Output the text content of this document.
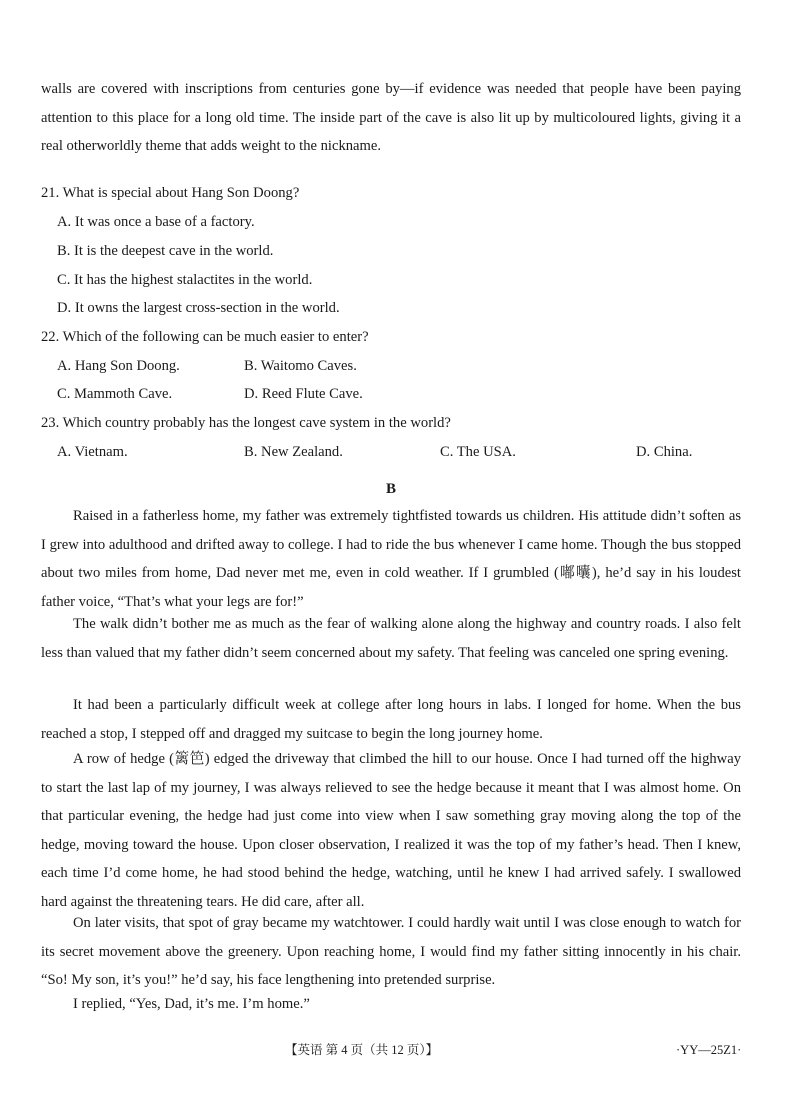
walls are covered with inscriptions from centuries gone by—if evidence was needed that people have been paying attention to this place for a long old time. The inside part of the cave is also lit up by multicoloured lights, giving it a real otherworldly theme that adds weight to the nickname.

21. What is special about Hang Son Doong?

A. It was once a base of a factory.
B. It is the deepest cave in the world.
C. It has the highest stalactites in the world.
D. It owns the largest cross-section in the world.

22. Which of the following can be much easier to enter?

A. Hang Son Doong.	B. Waitomo Caves.
C. Mammoth Cave.	D. Reed Flute Cave.

23. Which country probably has the longest cave system in the world?

A. Vietnam.	B. New Zealand.	C. The USA.	D. China.
B

Raised in a fatherless home, my father was extremely tightfisted towards us children. His attitude didn’t soften as I grew into adulthood and drifted away to college. I had to ride the bus whenever I came home. Though the bus stopped about two miles from home, Dad never met me, even in cold weather. If I grumbled (嘟囔), he’d say in his loudest father voice, “That’s what your legs are for!”

The walk didn’t bother me as much as the fear of walking alone along the highway and country roads. I also felt less than valued that my father didn’t seem concerned about my safety. That feeling was canceled one spring evening.

It had been a particularly difficult week at college after long hours in labs. I longed for home. When the bus reached a stop, I stepped off and dragged my suitcase to begin the long journey home.

A row of hedge (篱笆) edged the driveway that climbed the hill to our house. Once I had turned off the highway to start the last lap of my journey, I was always relieved to see the hedge because it meant that I was almost home. On that particular evening, the hedge had just come into view when I saw something gray moving along the top of the hedge, moving toward the house. Upon closer observation, I realized it was the top of my father’s head. Then I knew, each time I’d come home, he had stood behind the hedge, watching, until he knew I had arrived safely. I swallowed hard against the threatening tears. He did care, after all.

On later visits, that spot of gray became my watchtower. I could hardly wait until I was close enough to watch for its secret movement above the greenery. Upon reaching home, I would find my father sitting innocently in his chair. “So! My son, it’s you!” he’d say, his face lengthening into pretended surprise.

I replied, “Yes, Dad, it’s me. I’m home.”

【英语 第 4 页（共 12 页）】	·YY—25Z1·
